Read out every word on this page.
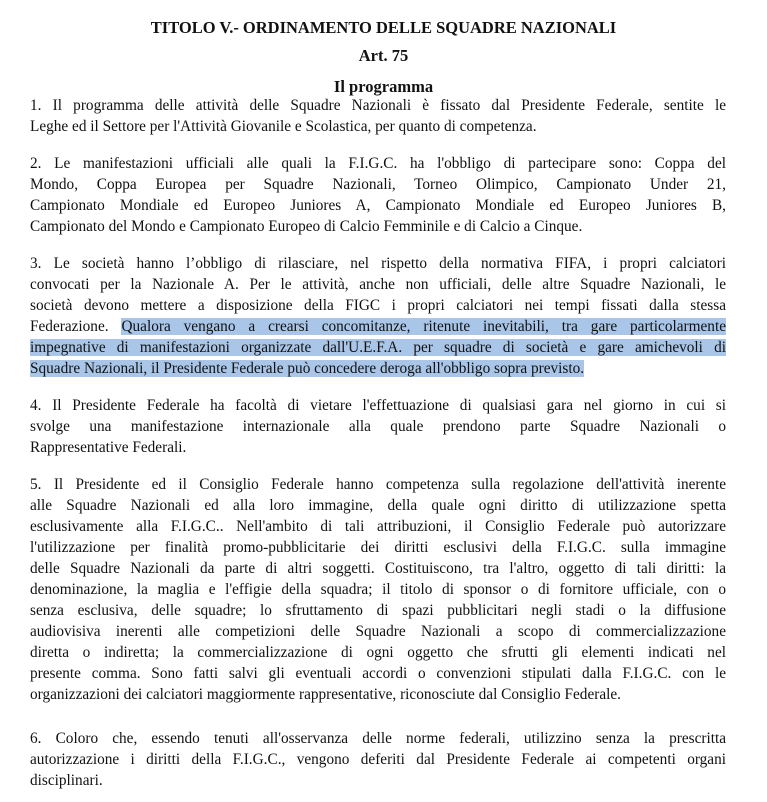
TITOLO V.- ORDINAMENTO DELLE SQUADRE NAZIONALI
Art. 75
Il programma
1. Il programma delle attività delle Squadre Nazionali è fissato dal Presidente Federale, sentite le
Leghe ed il Settore per l'Attività Giovanile e Scolastica, per quanto di competenza.
2. Le manifestazioni ufficiali alle quali la F.I.G.C. ha l'obbligo di partecipare sono: Coppa del
Mondo, Coppa Europea per Squadre Nazionali, Torneo Olimpico, Campionato Under 21,
Campionato Mondiale ed Europeo Juniores A, Campionato Mondiale ed Europeo Juniores B,
Campionato del Mondo e Campionato Europeo di Calcio Femminile e di Calcio a Cinque.
3. Le società hanno l’obbligo di rilasciare, nel rispetto della normativa FIFA, i propri calciatori
convocati per la Nazionale A. Per le attività, anche non ufficiali, delle altre Squadre Nazionali, le
società devono mettere a disposizione della FIGC i propri calciatori nei tempi fissati dalla stessa
Federazione. Qualora vengano a crearsi concomitanze, ritenute inevitabili, tra gare particolarmente
impegnative di manifestazioni organizzate dall'U.E.F.A. per squadre di società e gare amichevoli di
Squadre Nazionali, il Presidente Federale può concedere deroga all'obbligo sopra previsto.
4. Il Presidente Federale ha facoltà di vietare l'effettuazione di qualsiasi gara nel giorno in cui si
svolge una manifestazione internazionale alla quale prendono parte Squadre Nazionali o
Rappresentative Federali.
5. Il Presidente ed il Consiglio Federale hanno competenza sulla regolazione dell'attività inerente
alle Squadre Nazionali ed alla loro immagine, della quale ogni diritto di utilizzazione spetta
esclusivamente alla F.I.G.C.. Nell'ambito di tali attribuzioni, il Consiglio Federale può autorizzare
l'utilizzazione per finalità promo-pubblicitarie dei diritti esclusivi della F.I.G.C. sulla immagine
delle Squadre Nazionali da parte di altri soggetti. Costituiscono, tra l'altro, oggetto di tali diritti: la
denominazione, la maglia e l'effigie della squadra; il titolo di sponsor o di fornitore ufficiale, con o
senza esclusiva, delle squadre; lo sfruttamento di spazi pubblicitari negli stadi o la diffusione
audiovisiva inerenti alle competizioni delle Squadre Nazionali a scopo di commercializzazione
diretta o indiretta; la commercializzazione di ogni oggetto che sfrutti gli elementi indicati nel
presente comma. Sono fatti salvi gli eventuali accordi o convenzioni stipulati dalla F.I.G.C. con le
organizzazioni dei calciatori maggiormente rappresentative, riconosciute dal Consiglio Federale.
6. Coloro che, essendo tenuti all'osservanza delle norme federali, utilizzino senza la prescritta
autorizzazione i diritti della F.I.G.C., vengono deferiti dal Presidente Federale ai competenti organi
disciplinari.
